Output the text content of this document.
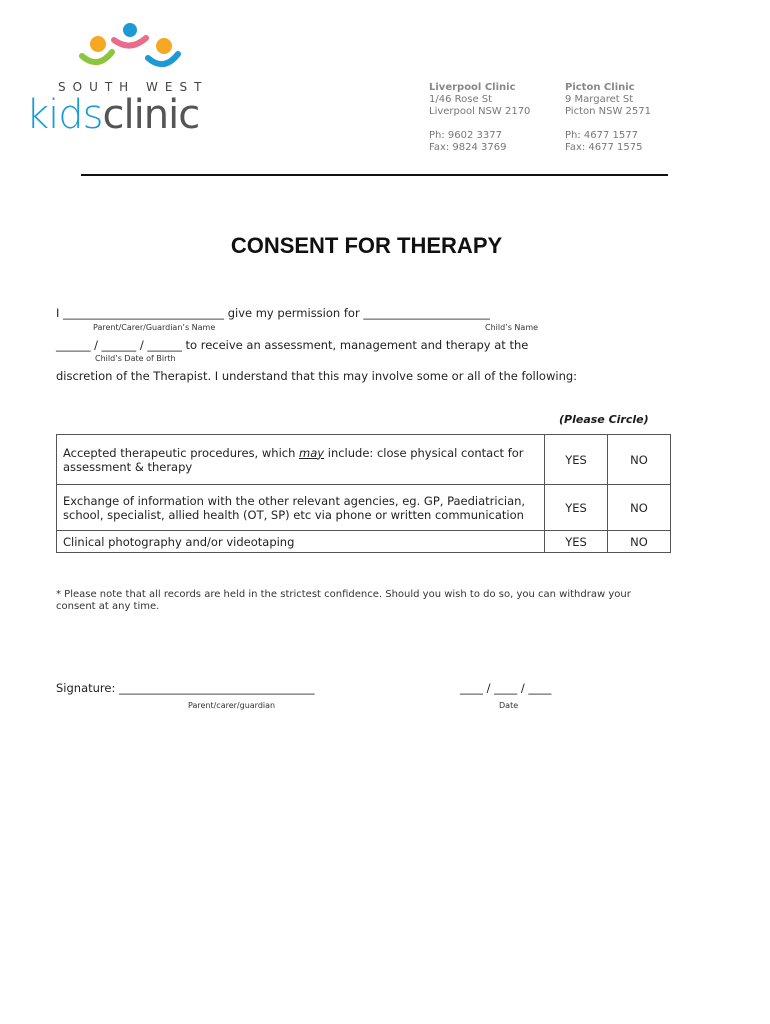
SOUTH WEST
kidsclinic
Liverpool Clinic
1/46 Rose St
Liverpool NSW 2170
Ph: 9602 3377
Fax: 9824 3769
Picton Clinic
9 Margaret St
Picton NSW 2571
Ph: 4677 1577
Fax: 4677 1575
CONSENT FOR THERAPY
I ____________________________ give my permission for ______________________
Parent/Carer/Guardian’s Name	Child’s Name
______ / ______ / ______ to receive an assessment, management and therapy at the
Child’s Date of Birth
discretion of the Therapist. I understand that this may involve some or all of the following:
(Please Circle)
Accepted therapeutic procedures, which may include: close physical contact for assessment & therapy	YES	NO
Exchange of information with the other relevant agencies, eg. GP, Paediatrician, school, specialist, allied health (OT, SP) etc via phone or written communication	YES	NO
Clinical photography and/or videotaping	YES	NO
* Please note that all records are held in the strictest confidence. Should you wish to do so, you can withdraw your consent at any time.
Signature: __________________________________
Parent/carer/guardian
____ / ____ / ____
Date
